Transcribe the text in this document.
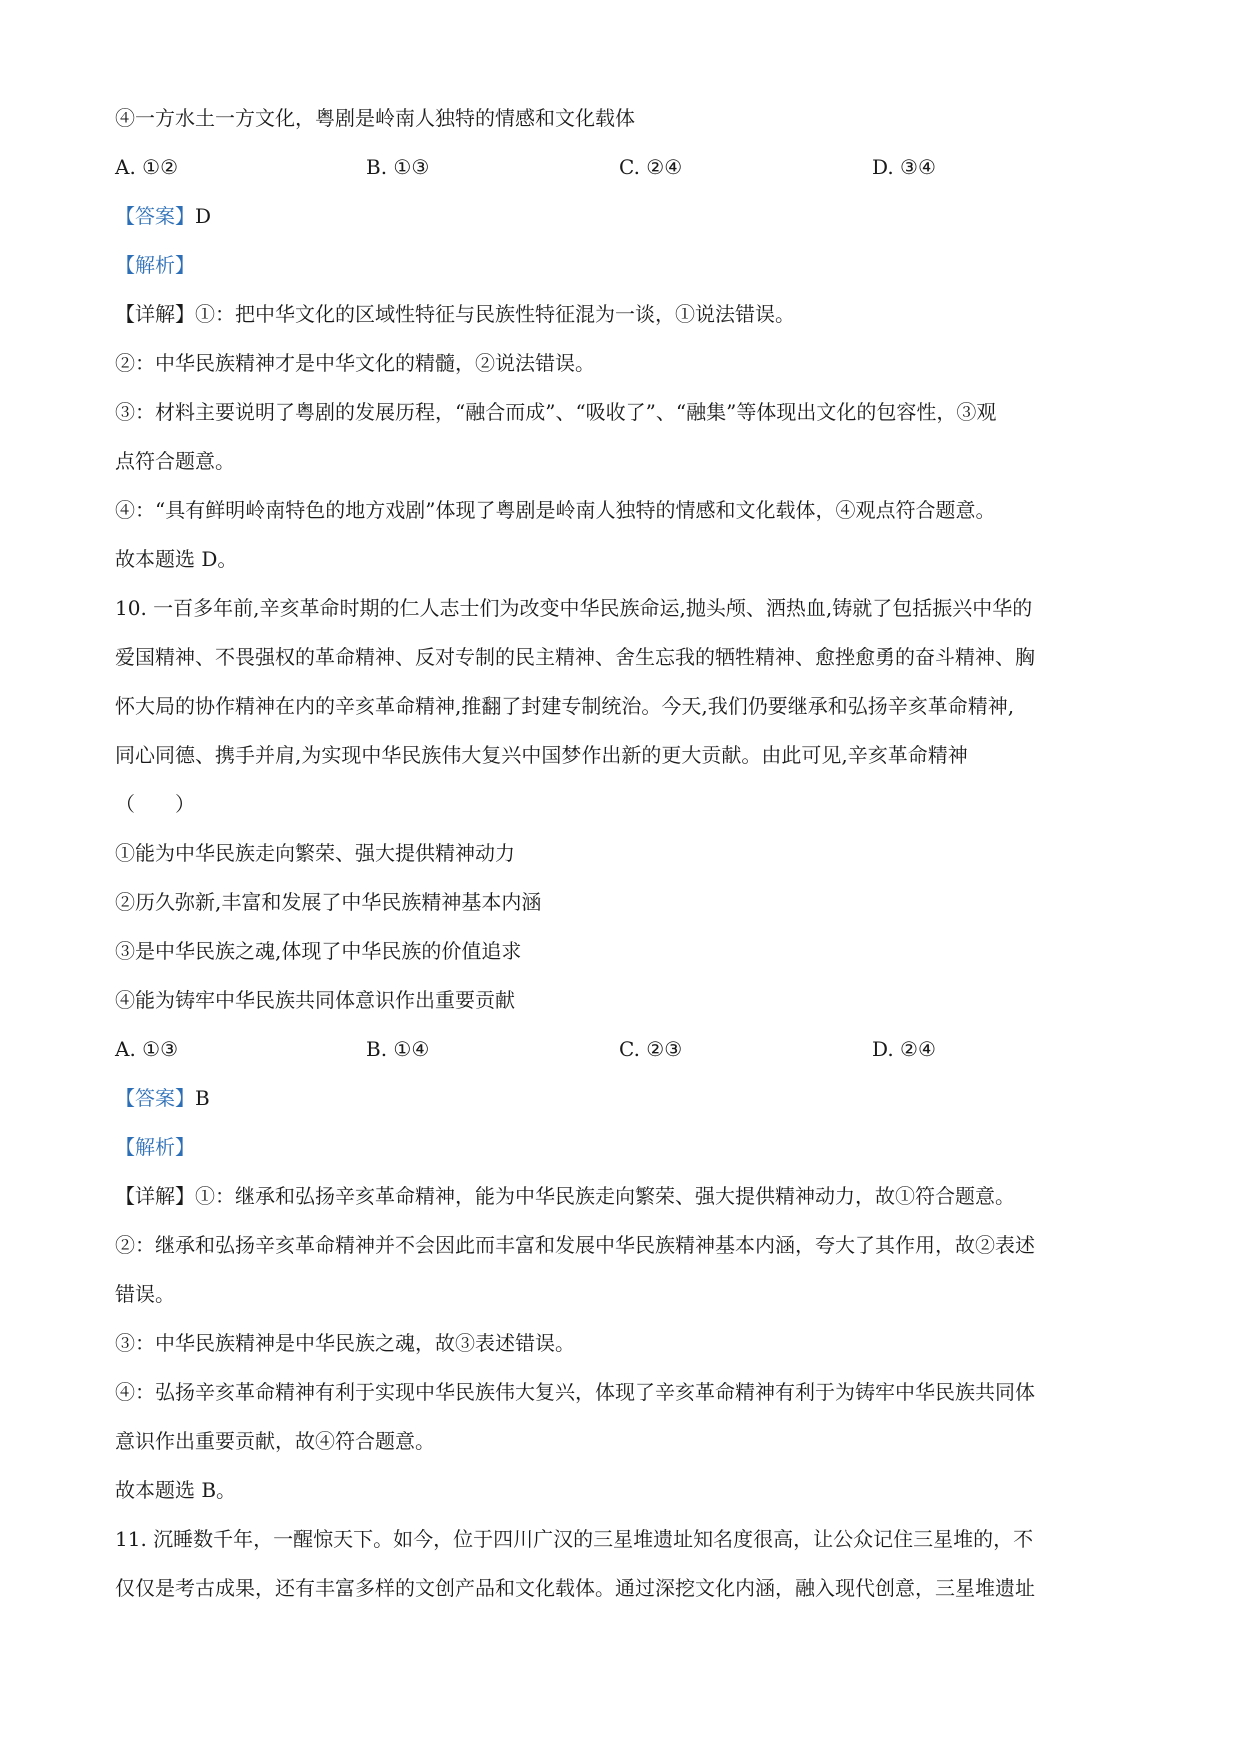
④一方水土一方文化，粤剧是岭南人独特的情感和文化载体
A. ①②	B. ①③	C. ②④	D. ③④
【答案】D
【解析】
【详解】①：把中华文化的区域性特征与民族性特征混为一谈，①说法错误。
②：中华民族精神才是中华文化的精髓，②说法错误。
③：材料主要说明了粤剧的发展历程，“融合而成”、“吸收了”、“融集”等体现出文化的包容性，③观
点符合题意。
④：“具有鲜明岭南特色的地方戏剧”体现了粤剧是岭南人独特的情感和文化载体，④观点符合题意。
故本题选 D。
10. 一百多年前,辛亥革命时期的仁人志士们为改变中华民族命运,抛头颅、洒热血,铸就了包括振兴中华的
爱国精神、不畏强权的革命精神、反对专制的民主精神、舍生忘我的牺牲精神、愈挫愈勇的奋斗精神、胸
怀大局的协作精神在内的辛亥革命精神,推翻了封建专制统治。今天,我们仍要继承和弘扬辛亥革命精神,
同心同德、携手并肩,为实现中华民族伟大复兴中国梦作出新的更大贡献。由此可见,辛亥革命精神
（　　）
①能为中华民族走向繁荣、强大提供精神动力
②历久弥新,丰富和发展了中华民族精神基本内涵
③是中华民族之魂,体现了中华民族的价值追求
④能为铸牢中华民族共同体意识作出重要贡献
A. ①③	B. ①④	C. ②③	D. ②④
【答案】B
【解析】
【详解】①：继承和弘扬辛亥革命精神，能为中华民族走向繁荣、强大提供精神动力，故①符合题意。
②：继承和弘扬辛亥革命精神并不会因此而丰富和发展中华民族精神基本内涵，夸大了其作用，故②表述
错误。
③：中华民族精神是中华民族之魂，故③表述错误。
④：弘扬辛亥革命精神有利于实现中华民族伟大复兴，体现了辛亥革命精神有利于为铸牢中华民族共同体
意识作出重要贡献，故④符合题意。
故本题选 B。
11. 沉睡数千年，一醒惊天下。如今，位于四川广汉的三星堆遗址知名度很高，让公众记住三星堆的，不
仅仅是考古成果，还有丰富多样的文创产品和文化载体。通过深挖文化内涵，融入现代创意，三星堆遗址
